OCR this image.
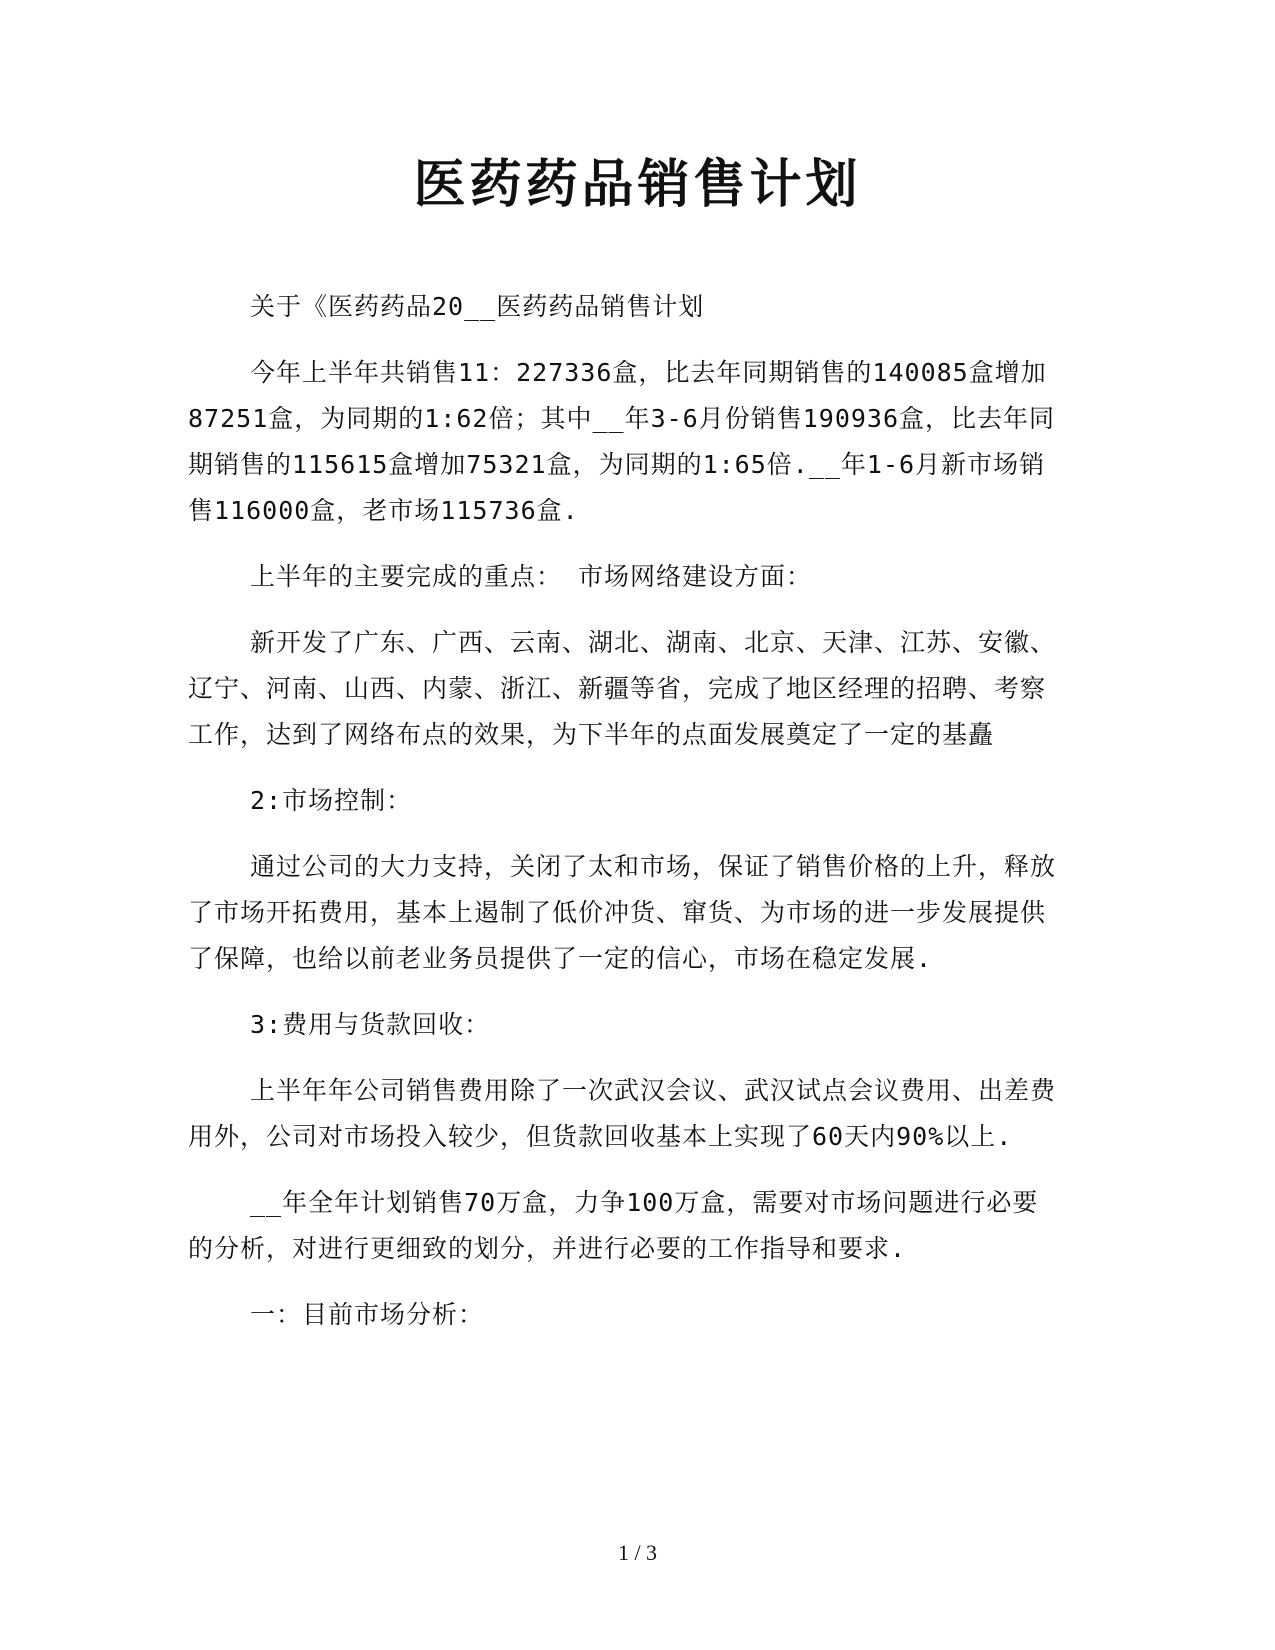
医药药品销售计划

关于《医药药品20__医药药品销售计划

今年上半年共销售11：227336盒，比去年同期销售的140085盒增加87251盒，为同期的1:62倍；其中__年3-6月份销售190936盒，比去年同期销售的115615盒增加75321盒，为同期的1:65倍.__年1-6月新市场销售116000盒，老市场115736盒.

上半年的主要完成的重点： 市场网络建设方面：

新开发了广东、广西、云南、湖北、湖南、北京、天津、江苏、安徽、辽宁、河南、山西、内蒙、浙江、新疆等省，完成了地区经理的招聘、考察工作，达到了网络布点的效果，为下半年的点面发展奠定了一定的基矗

2:市场控制：

通过公司的大力支持，关闭了太和市场，保证了销售价格的上升，释放了市场开拓费用，基本上遏制了低价冲货、窜货、为市场的进一步发展提供了保障，也给以前老业务员提供了一定的信心，市场在稳定发展.

3:费用与货款回收：

上半年年公司销售费用除了一次武汉会议、武汉试点会议费用、出差费用外，公司对市场投入较少，但货款回收基本上实现了60天内90%以上.

__年全年计划销售70万盒，力争100万盒，需要对市场问题进行必要的分析，对进行更细致的划分，并进行必要的工作指导和要求.

一：目前市场分析：

1 / 3
